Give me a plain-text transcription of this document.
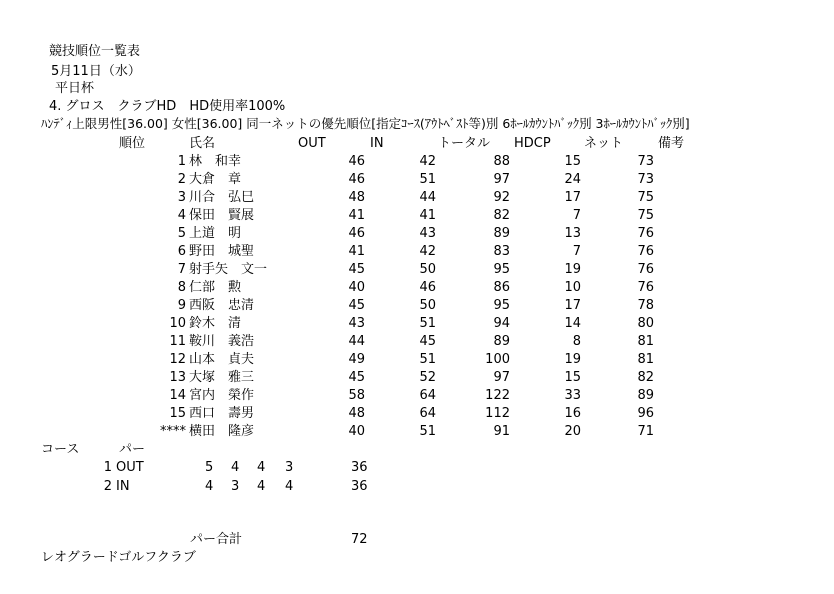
競技順位一覧表
5月11日（水）
平日杯
4. グロス　クラブHD　HD使用率100%
ﾊﾝﾃﾞｨ上限男性[36.00] 女性[36.00] 同一ネットの優先順位[指定ｺｰｽ(ｱｳﾄﾍﾞｽﾄ等)別 6ﾎｰﾙｶｳﾝﾄﾊﾞｯｸ別 3ﾎｰﾙｶｳﾝﾄﾊﾞｯｸ別]
順位	氏名	OUT	IN	トータル HDCP	ネット	備考
1 林　和幸	46	42	88	15	73
2 大倉　章	46	51	97	24	73
3 川合　弘巳	48	44	92	17	75
4 保田　賢展	41	41	82	7	75
5 上道　明	46	43	89	13	76
6 野田　城聖	41	42	83	7	76
7 射手矢　文一	45	50	95	19	76
8 仁部　勲	40	46	86	10	76
9 西阪　忠清	45	50	95	17	78
10 鈴木　清	43	51	94	14	80
11 鞍川　義浩	44	45	89	8	81
12 山本　貞夫	49	51	100	19	81
13 大塚　雅三	45	52	97	15	82
14 宮内　榮作	58	64	122	33	89
15 西口　壽男	48	64	112	16	96
**** 横田　隆彦	40	51	91	20	71
コース	パー
1 OUT	5 4 4 3	36
2 IN	4 3 4 4	36
パー合計	72
レオグラードゴルフクラブ
